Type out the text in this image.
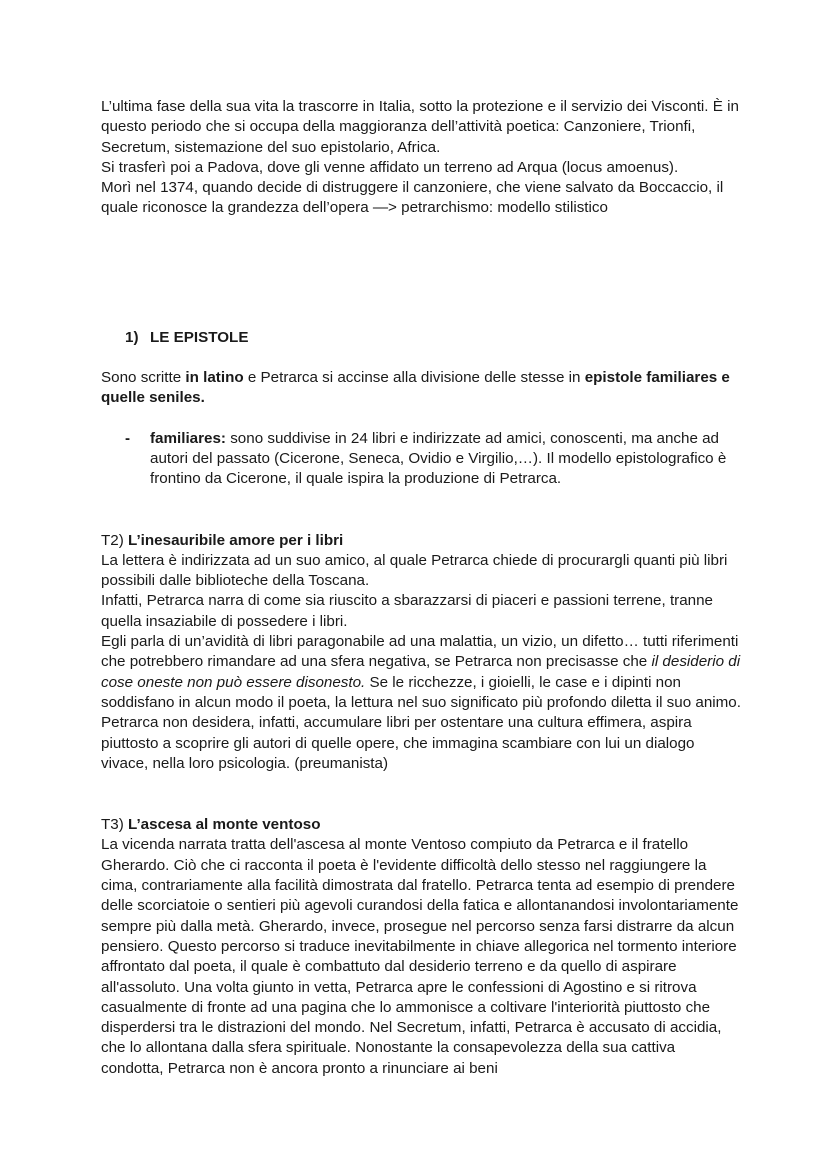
L’ultima fase della sua vita la trascorre in Italia, sotto la protezione e il servizio dei Visconti. È in questo periodo che si occupa della maggioranza dell’attività poetica: Canzoniere, Trionfi, Secretum, sistemazione del suo epistolario, Africa.

Si trasferì poi a Padova, dove gli venne affidato un terreno ad Arqua (locus amoenus).

Morì nel 1374, quando decide di distruggere il canzoniere, che viene salvato da Boccaccio, il quale riconosce la grandezza dell’opera —> petrarchismo: modello stilistico

1) LE EPISTOLE

Sono scritte in latino e Petrarca si accinse alla divisione delle stesse in epistole familiares e quelle seniles.

-	familiares: sono suddivise in 24 libri e indirizzate ad amici, conoscenti, ma anche ad autori del passato (Cicerone, Seneca, Ovidio e Virgilio,…). Il modello epistolografico è frontino da Cicerone, il quale ispira la produzione di Petrarca.

T2) L’inesauribile amore per i libri

La lettera è indirizzata ad un suo amico, al quale Petrarca chiede di procurargli quanti più libri possibili dalle biblioteche della Toscana.

Infatti, Petrarca narra di come sia riuscito a sbarazzarsi di piaceri e passioni terrene, tranne quella insaziabile di possedere i libri.

Egli parla di un’avidità di libri paragonabile ad una malattia, un vizio, un difetto… tutti riferimenti che potrebbero rimandare ad una sfera negativa, se Petrarca non precisasse che il desiderio di cose oneste non può essere disonesto. Se le ricchezze, i gioielli, le case e i dipinti non soddisfano in alcun modo il poeta, la lettura nel suo significato più profondo diletta il suo animo.

Petrarca non desidera, infatti, accumulare libri per ostentare una cultura effimera, aspira piuttosto a scoprire gli autori di quelle opere, che immagina scambiare con lui un dialogo vivace, nella loro psicologia. (preumanista)

T3) L’ascesa al monte ventoso

La vicenda narrata tratta dell'ascesa al monte Ventoso compiuto da Petrarca e il fratello Gherardo. Ciò che ci racconta il poeta è l'evidente difficoltà dello stesso nel raggiungere la cima, contrariamente alla facilità dimostrata dal fratello. Petrarca tenta ad esempio di prendere delle scorciatoie o sentieri più agevoli curandosi della fatica e allontanandosi involontariamente sempre più dalla metà. Gherardo, invece, prosegue nel percorso senza farsi distrarre da alcun pensiero. Questo percorso si traduce inevitabilmente in chiave allegorica nel tormento interiore affrontato dal poeta, il quale è combattuto dal desiderio terreno e da quello di aspirare all'assoluto. Una volta giunto in vetta, Petrarca apre le confessioni di Agostino e si ritrova casualmente di fronte ad una pagina che lo ammonisce a coltivare l'interiorità piuttosto che disperdersi tra le distrazioni del mondo. Nel Secretum, infatti, Petrarca è accusato di accidia, che lo allontana dalla sfera spirituale. Nonostante la consapevolezza della sua cattiva condotta, Petrarca non è ancora pronto a rinunciare ai beni
